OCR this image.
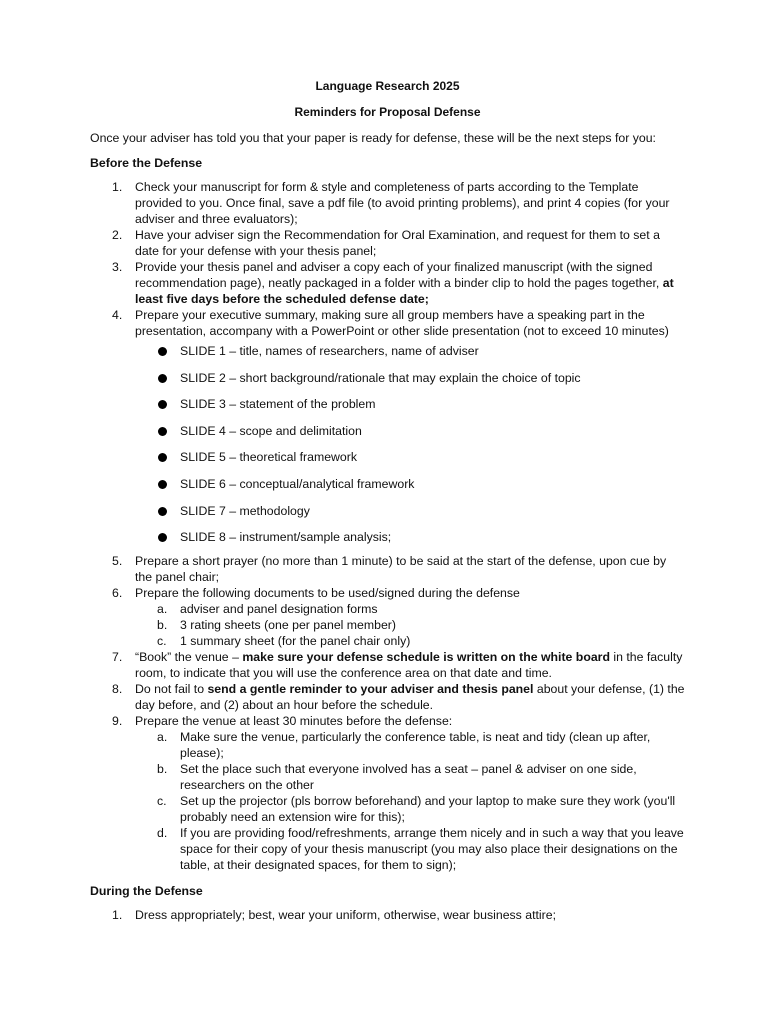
Language Research 2025
Reminders for Proposal Defense
Once your adviser has told you that your paper is ready for defense, these will be the next steps for you:
Before the Defense
1. Check your manuscript for form & style and completeness of parts according to the Template provided to you. Once final, save a pdf file (to avoid printing problems), and print 4 copies (for your adviser and three evaluators);
2. Have your adviser sign the Recommendation for Oral Examination, and request for them to set a date for your defense with your thesis panel;
3. Provide your thesis panel and adviser a copy each of your finalized manuscript (with the signed recommendation page), neatly packaged in a folder with a binder clip to hold the pages together, at least five days before the scheduled defense date;
4. Prepare your executive summary, making sure all group members have a speaking part in the presentation, accompany with a PowerPoint or other slide presentation (not to exceed 10 minutes)
SLIDE 1 – title, names of researchers, name of adviser
SLIDE 2 – short background/rationale that may explain the choice of topic
SLIDE 3 – statement of the problem
SLIDE 4 – scope and delimitation
SLIDE 5 – theoretical framework
SLIDE 6 – conceptual/analytical framework
SLIDE 7 – methodology
SLIDE 8 – instrument/sample analysis;
5. Prepare a short prayer (no more than 1 minute) to be said at the start of the defense, upon cue by the panel chair;
6. Prepare the following documents to be used/signed during the defense
a. adviser and panel designation forms
b. 3 rating sheets (one per panel member)
c. 1 summary sheet (for the panel chair only)
7. “Book” the venue – make sure your defense schedule is written on the white board in the faculty room, to indicate that you will use the conference area on that date and time.
8. Do not fail to send a gentle reminder to your adviser and thesis panel about your defense, (1) the day before, and (2) about an hour before the schedule.
9. Prepare the venue at least 30 minutes before the defense:
a. Make sure the venue, particularly the conference table, is neat and tidy (clean up after, please);
b. Set the place such that everyone involved has a seat – panel & adviser on one side, researchers on the other
c. Set up the projector (pls borrow beforehand) and your laptop to make sure they work (you'll probably need an extension wire for this);
d. If you are providing food/refreshments, arrange them nicely and in such a way that you leave space for their copy of your thesis manuscript (you may also place their designations on the table, at their designated spaces, for them to sign);
During the Defense
1. Dress appropriately; best, wear your uniform, otherwise, wear business attire;
